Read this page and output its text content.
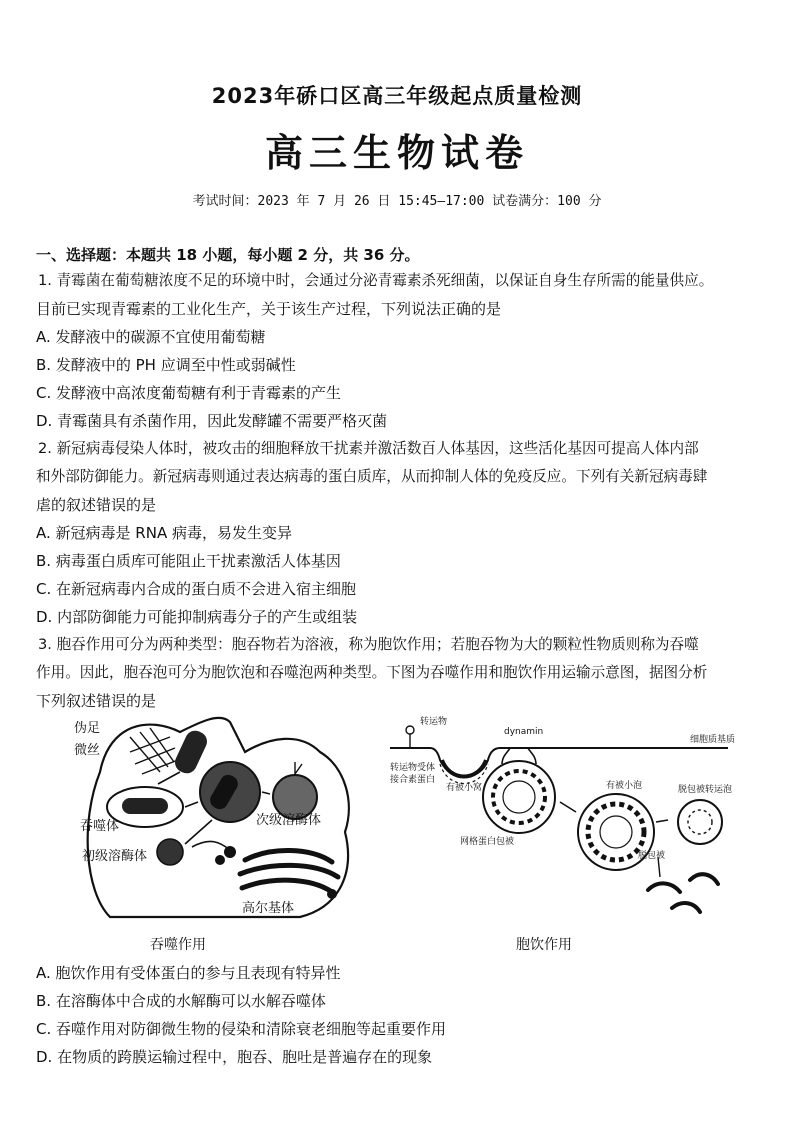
2023年硚口区高三年级起点质量检测
高三生物试卷
考试时间：2023 年 7 月 26 日 15:45—17:00 试卷满分：100 分
一、选择题：本题共 18 小题，每小题 2 分，共 36 分。
1. 青霉菌在葡萄糖浓度不足的环境中时，会通过分泌青霉素杀死细菌，以保证自身生存所需的能量供应。
目前已实现青霉素的工业化生产，关于该生产过程，下列说法正确的是
A. 发酵液中的碳源不宜使用葡萄糖
B. 发酵液中的 PH 应调至中性或弱碱性
C. 发酵液中高浓度葡萄糖有利于青霉素的产生
D. 青霉菌具有杀菌作用，因此发酵罐不需要严格灭菌
2. 新冠病毒侵染人体时，被攻击的细胞释放干扰素并激活数百人体基因，这些活化基因可提高人体内部
和外部防御能力。新冠病毒则通过表达病毒的蛋白质库，从而抑制人体的免疫反应。下列有关新冠病毒肆
虐的叙述错误的是
A. 新冠病毒是 RNA 病毒，易发生变异
B. 病毒蛋白质库可能阻止干扰素激活人体基因
C. 在新冠病毒内合成的蛋白质不会进入宿主细胞
D. 内部防御能力可能抑制病毒分子的产生或组装
3. 胞吞作用可分为两种类型：胞吞物若为溶液，称为胞饮作用；若胞吞物为大的颗粒性物质则称为吞噬
作用。因此，胞吞泡可分为胞饮泡和吞噬泡两种类型。下图为吞噬作用和胞饮作用运输示意图，据图分析
下列叙述错误的是
伪足
微丝
吞噬体	次级溶酶体
初级溶酶体
高尔基体
吞噬作用
转运物
dynamin
细胞质基质
转运物受体
接合素蛋白
有被小窝
网格蛋白包被
有被小泡	脱包被转运泡
脱包被
胞饮作用
A. 胞饮作用有受体蛋白的参与且表现有特异性
B. 在溶酶体中合成的水解酶可以水解吞噬体
C. 吞噬作用对防御微生物的侵染和清除衰老细胞等起重要作用
D. 在物质的跨膜运输过程中，胞吞、胞吐是普遍存在的现象
